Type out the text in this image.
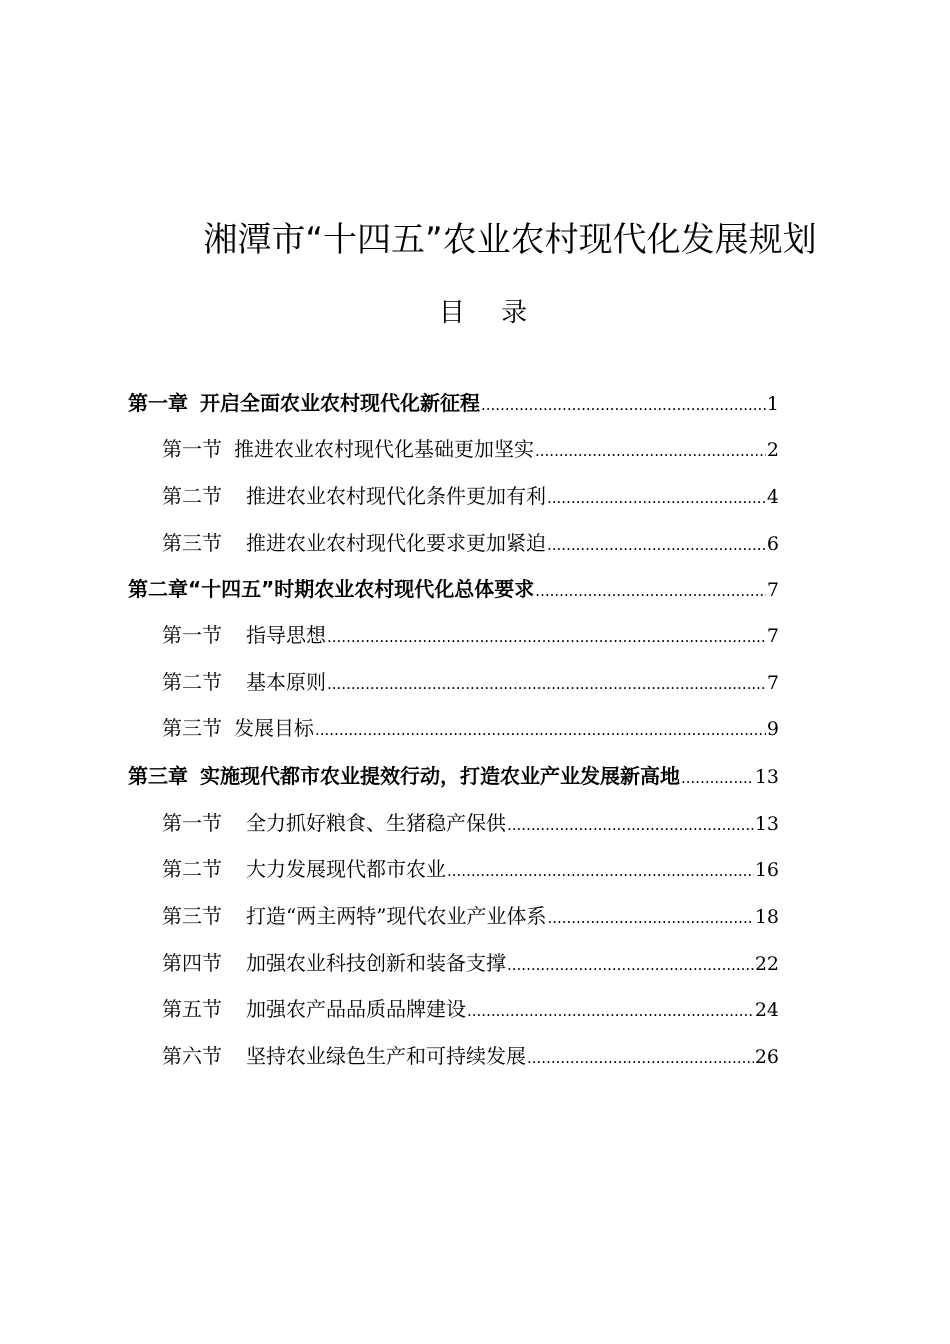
湘潭市“十四五”农业农村现代化发展规划
目 录
第一章 开启全面农业农村现代化新征程 .....	1
第一节 推进农业农村现代化基础更加坚实 .....	2
第二节 推进农业农村现代化条件更加有利 .....	4
第三节 推进农业农村现代化要求更加紧迫 .....	6
第二章“十四五”时期农业农村现代化总体要求 .....	7
第一节 指导思想 .....	7
第二节 基本原则 .....	7
第三节 发展目标 .....	9
第三章 实施现代都市农业提效行动，打造农业产业发展新高地 .....	13
第一节 全力抓好粮食、生猪稳产保供 .....	13
第二节 大力发展现代都市农业 .....	16
第三节 打造“两主两特”现代农业产业体系 .....	18
第四节 加强农业科技创新和装备支撑 .....	22
第五节 加强农产品品质品牌建设 .....	24
第六节 坚持农业绿色生产和可持续发展 .....	26
